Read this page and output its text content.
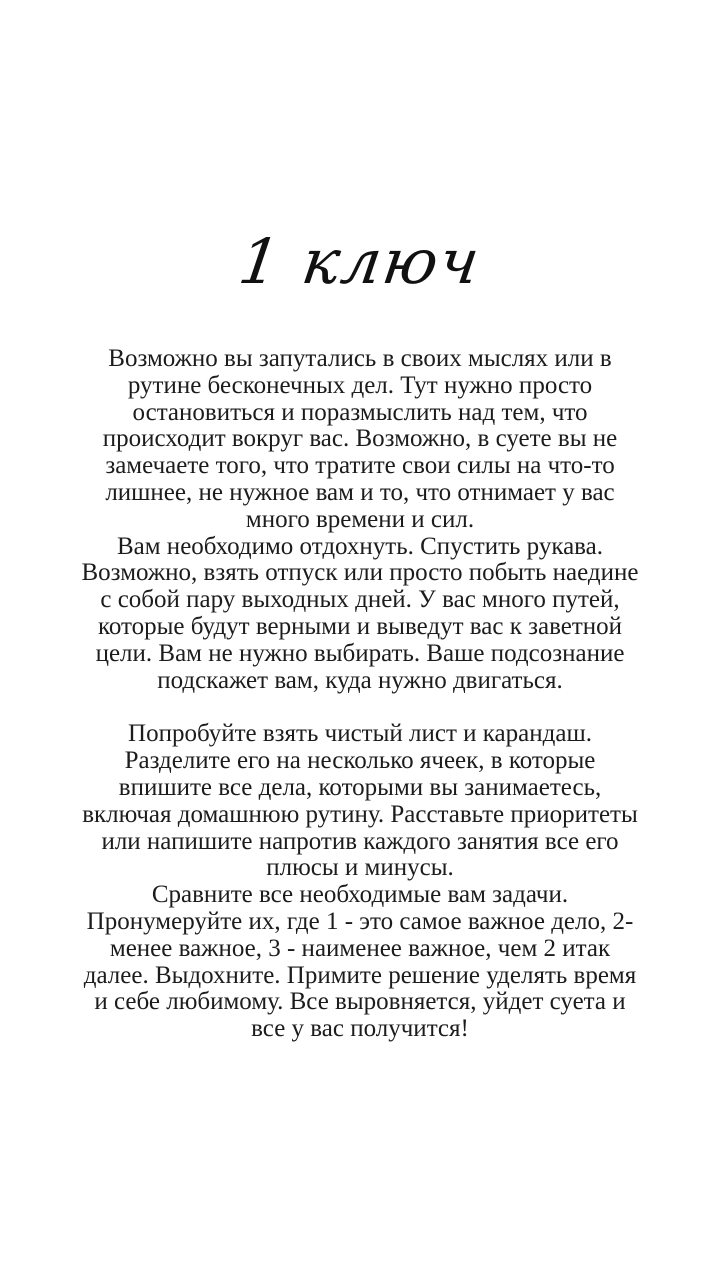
1 ключ

Возможно вы запутались в своих мыслях или в

рутине бесконечных дел. Тут нужно просто

остановиться и поразмыслить над тем, что

происходит вокруг вас. Возможно, в суете вы не

замечаете того, что тратите свои силы на что-то

лишнее, не нужное вам и то, что отнимает у вас

много времени и сил.

Вам необходимо отдохнуть. Спустить рукава.

Возможно, взять отпуск или просто побыть наедине

с собой пару выходных дней. У вас много путей,

которые будут верными и выведут вас к заветной

цели. Вам не нужно выбирать. Ваше подсознание

подскажет вам, куда нужно двигаться.

Попробуйте взять чистый лист и карандаш.

Разделите его на несколько ячеек, в которые

впишите все дела, которыми вы занимаетесь,

включая домашнюю рутину. Расставьте приоритеты

или напишите напротив каждого занятия все его

плюсы и минусы.

Сравните все необходимые вам задачи.

Пронумеруйте их, где 1 - это самое важное дело, 2-

менее важное, 3 - наименее важное, чем 2 итак

далее. Выдохните. Примите решение уделять время

и себе любимому. Все выровняется, уйдет суета и

все у вас получится!
